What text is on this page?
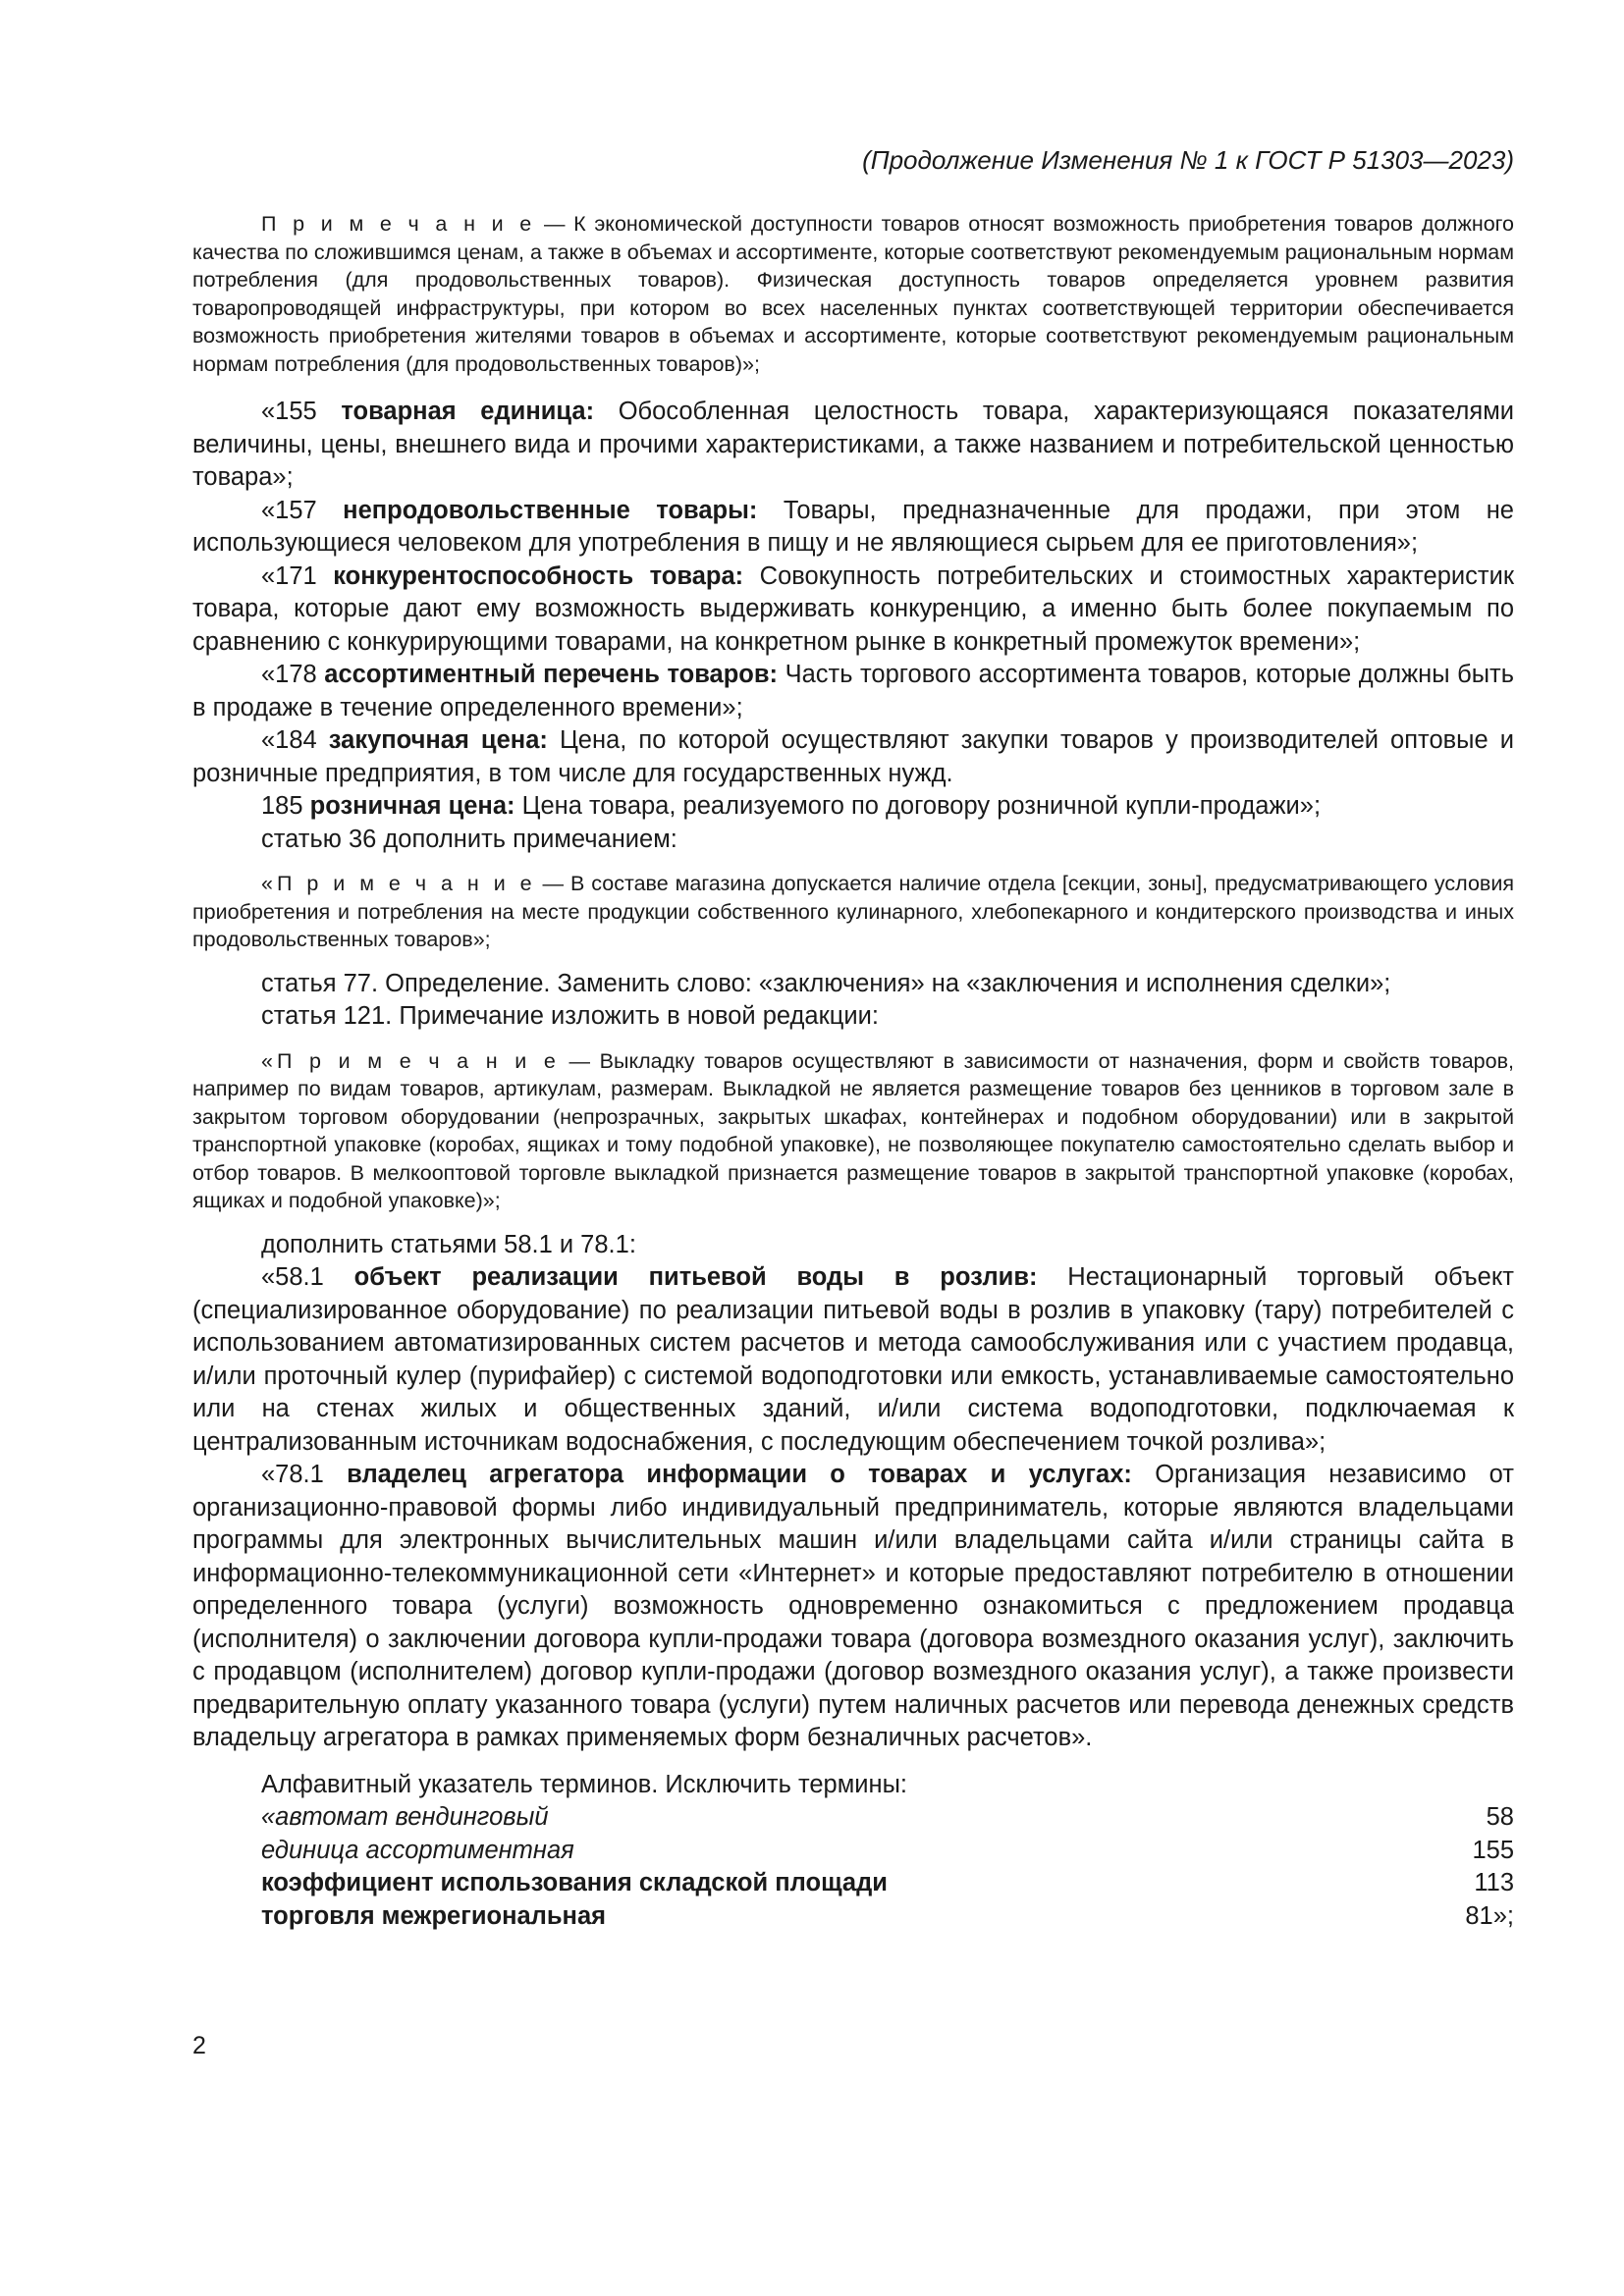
(Продолжение Изменения № 1 к ГОСТ Р 51303—2023)

П р и м е ч а н и е — К экономической доступности товаров относят возможность приобретения товаров должного качества по сложившимся ценам, а также в объемах и ассортименте, которые соответствуют рекомендуемым рациональным нормам потребления (для продовольственных товаров). Физическая доступность товаров определяется уровнем развития товаропроводящей инфраструктуры, при котором во всех населенных пунктах соответствующей территории обеспечивается возможность приобретения жителями товаров в объемах и ассортименте, которые соответствуют рекомендуемым рациональным нормам потребления (для продовольственных товаров)»;

«155 товарная единица: Обособленная целостность товара, характеризующаяся показателями величины, цены, внешнего вида и прочими характеристиками, а также названием и потребительской ценностью товара»;

«157 непродовольственные товары: Товары, предназначенные для продажи, при этом не использующиеся человеком для употребления в пищу и не являющиеся сырьем для ее приготовления»;

«171 конкурентоспособность товара: Совокупность потребительских и стоимостных характеристик товара, которые дают ему возможность выдерживать конкуренцию, а именно быть более покупаемым по сравнению с конкурирующими товарами, на конкретном рынке в конкретный промежуток времени»;

«178 ассортиментный перечень товаров: Часть торгового ассортимента товаров, которые должны быть в продаже в течение определенного времени»;

«184 закупочная цена: Цена, по которой осуществляют закупки товаров у производителей оптовые и розничные предприятия, в том числе для государственных нужд.

185 розничная цена: Цена товара, реализуемого по договору розничной купли-продажи»;

статью 36 дополнить примечанием:

«П р и м е ч а н и е — В составе магазина допускается наличие отдела [секции, зоны], предусматривающего условия приобретения и потребления на месте продукции собственного кулинарного, хлебопекарного и кондитерского производства и иных продовольственных товаров»;

статья 77. Определение. Заменить слово: «заключения» на «заключения и исполнения сделки»;

статья 121. Примечание изложить в новой редакции:

«П р и м е ч а н и е — Выкладку товаров осуществляют в зависимости от назначения, форм и свойств товаров, например по видам товаров, артикулам, размерам. Выкладкой не является размещение товаров без ценников в торговом зале в закрытом торговом оборудовании (непрозрачных, закрытых шкафах, контейнерах и подобном оборудовании) или в закрытой транспортной упаковке (коробах, ящиках и тому подобной упаковке), не позволяющее покупателю самостоятельно сделать выбор и отбор товаров. В мелкооптовой торговле выкладкой признается размещение товаров в закрытой транспортной упаковке (коробах, ящиках и подобной упаковке)»;

дополнить статьями 58.1 и 78.1:

«58.1 объект реализации питьевой воды в розлив: Нестационарный торговый объект (специализированное оборудование) по реализации питьевой воды в розлив в упаковку (тару) потребителей с использованием автоматизированных систем расчетов и метода самообслуживания или с участием продавца, и/или проточный кулер (пурифайер) с системой водоподготовки или емкость, устанавливаемые самостоятельно или на стенах жилых и общественных зданий, и/или система водоподготовки, подключаемая к централизованным источникам водоснабжения, с последующим обеспечением точкой розлива»;

«78.1 владелец агрегатора информации о товарах и услугах: Организация независимо от организационно-правовой формы либо индивидуальный предприниматель, которые являются владельцами программы для электронных вычислительных машин и/или владельцами сайта и/или страницы сайта в информационно-телекоммуникационной сети «Интернет» и которые предоставляют потребителю в отношении определенного товара (услуги) возможность одновременно ознакомиться с предложением продавца (исполнителя) о заключении договора купли-продажи товара (договора возмездного оказания услуг), заключить с продавцом (исполнителем) договор купли-продажи (договор возмездного оказания услуг), а также произвести предварительную оплату указанного товара (услуги) путем наличных расчетов или перевода денежных средств владельцу агрегатора в рамках применяемых форм безналичных расчетов».

Алфавитный указатель терминов. Исключить термины:
«автомат вендинговый	58
единица ассортиментная	155
коэффициент использования складской площади	113
торговля межрегиональная	81»;
2
